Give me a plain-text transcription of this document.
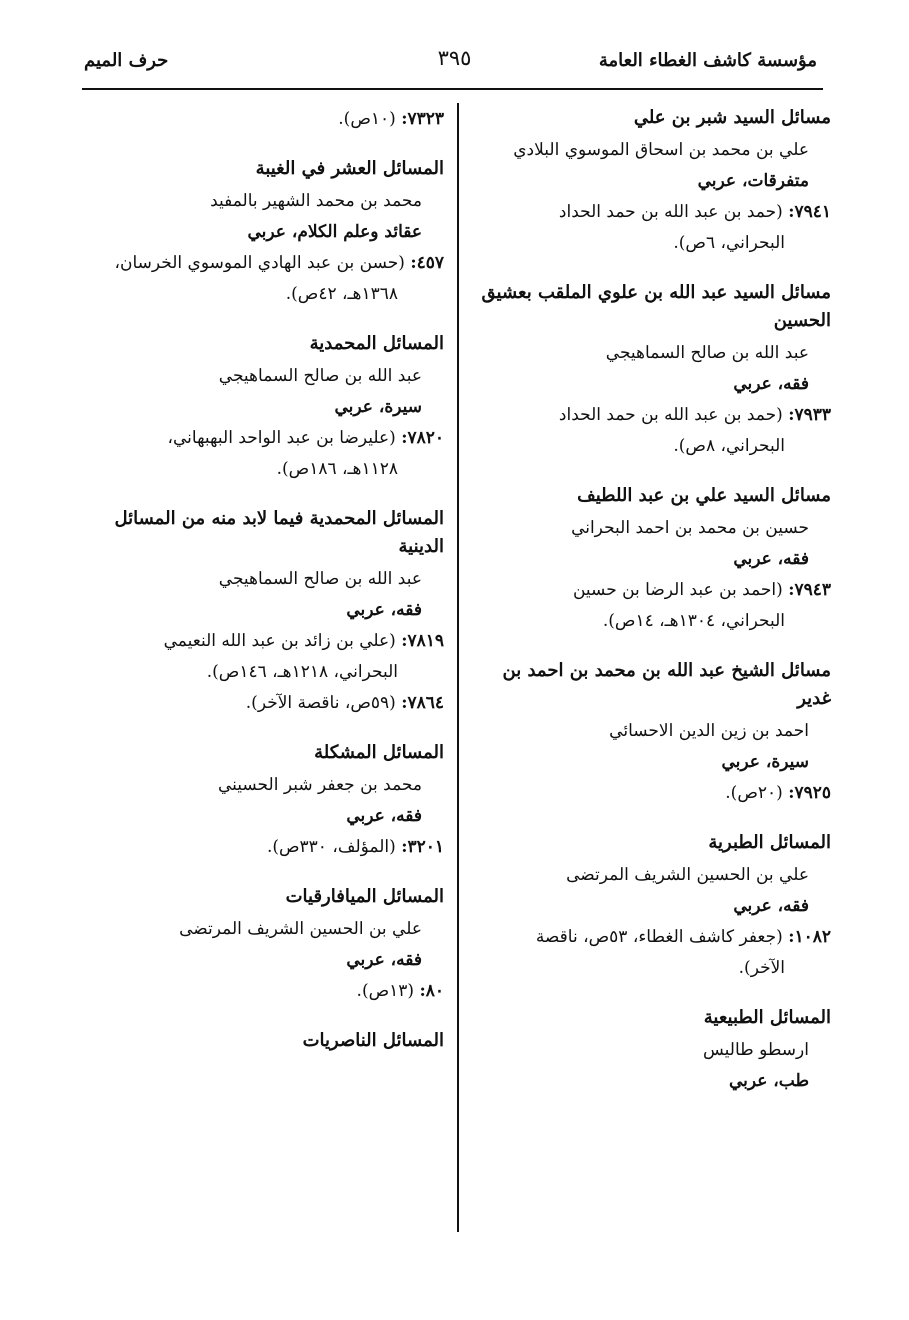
مؤسسة كاشف الغطاء العامة
٣٩٥
حرف الميم
مسائل السيد شبر بن علي
علي بن محمد بن اسحاق الموسوي البلادي
متفرقات، عربي
٧٩٤١: (حمد بن عبد الله بن حمد الحداد
البحراني، ٦ص).
مسائل السيد عبد الله بن علوي الملقب بعشيق الحسين
عبد الله بن صالح السماهيجي
فقه، عربي
٧٩٣٣: (حمد بن عبد الله بن حمد الحداد
البحراني، ٨ص).
مسائل السيد علي بن عبد اللطيف
حسين بن محمد بن احمد البحراني
فقه، عربي
٧٩٤٣: (احمد بن عبد الرضا بن حسين
البحراني، ١٣٠٤هـ، ١٤ص).
مسائل الشيخ عبد الله بن محمد بن احمد بن غدير
احمد بن زين الدين الاحسائي
سيرة، عربي
٧٩٢٥: (٢٠ص).
المسائل الطبرية
علي بن الحسين الشريف المرتضى
فقه، عربي
١٠٨٢: (جعفر كاشف الغطاء، ٥٣ص، ناقصة
الآخر).
المسائل الطبيعية
ارسطو طاليس
طب، عربي
٧٣٢٣: (١٠ص).
المسائل العشر في الغيبة
محمد بن محمد الشهير بالمفيد
عقائد وعلم الكلام، عربي
٤٥٧: (حسن بن عبد الهادي الموسوي الخرسان،
١٣٦٨هـ، ٤٢ص).
المسائل المحمدية
عبد الله بن صالح السماهيجي
سيرة، عربي
٧٨٢٠: (عليرضا بن عبد الواحد البهبهاني،
١١٢٨هـ، ١٨٦ص).
المسائل المحمدية فيما لابد منه من المسائل الدينية
عبد الله بن صالح السماهيجي
فقه، عربي
٧٨١٩: (علي بن زائد بن عبد الله النعيمي
البحراني، ١٢١٨هـ، ١٤٦ص).
٧٨٦٤: (٥٩ص، ناقصة الآخر).
المسائل المشكلة
محمد بن جعفر شبر الحسيني
فقه، عربي
٣٢٠١: (المؤلف، ٣٣٠ص).
المسائل الميافارقيات
علي بن الحسين الشريف المرتضى
فقه، عربي
٨٠: (١٣ص).
المسائل الناصريات
